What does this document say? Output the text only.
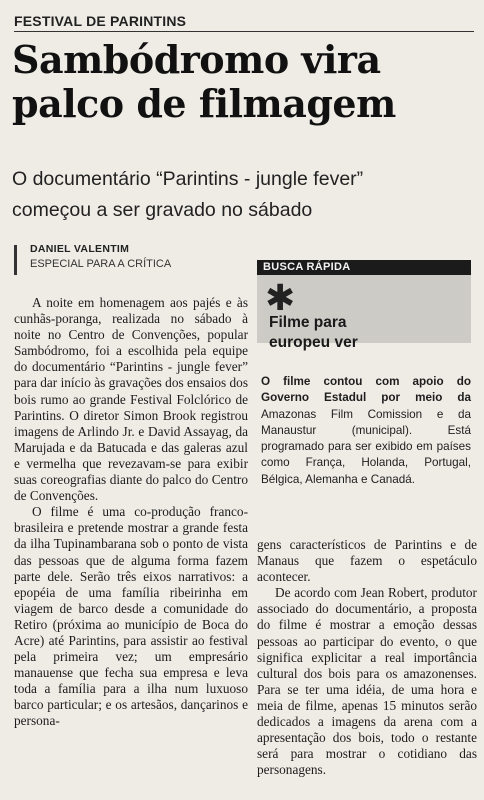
FESTIVAL DE PARINTINS
Sambódromo vira
palco de filmagem
O documentário “Parintins - jungle fever”
começou a ser gravado no sábado
DANIEL VALENTIM
ESPECIAL PARA A CRÍTICA

A noite em homenagem aos pajés e às cunhãs-poranga, realizada no sábado à noite no Centro de Convenções, popular Sambódromo, foi a escolhida pela equipe do documentário “Parintins - jungle fever” para dar início às gravações dos ensaios dos bois rumo ao grande Festival Folclórico de Parintins. O diretor Simon Brook registrou imagens de Arlindo Jr. e David Assayag, da Marujada e da Batucada e das galeras azul e vermelha que revezavam-se para exibir suas coreografias diante do palco do Centro de Convenções.

O filme é uma co-produção franco-brasileira e pretende mostrar a grande festa da ilha Tupinambarana sob o ponto de vista das pessoas que de alguma forma fazem parte dele. Serão três eixos narrativos: a epopéia de uma família ribeirinha em viagem de barco desde a comunidade do Retiro (próxima ao município de Boca do Acre) até Parintins, para assistir ao festival pela primeira vez; um empresário manauense que fecha sua empresa e leva toda a família para a ilha num luxuoso barco particular; e os artesãos, dançarinos e persona-

BUSCA RÁPIDA
✱
Filme para
europeu ver
O filme contou com apoio do Governo Estadul por meio da Amazonas Film Comission e da Manaustur (municipal). Está programado para ser exibido em países como França, Holanda, Portugal, Bélgica, Alemanha e Canadá.

gens característicos de Parintins e de Manaus que fazem o espetáculo acontecer.

De acordo com Jean Robert, produtor associado do documentário, a proposta do filme é mostrar a emoção dessas pessoas ao participar do evento, o que significa explicitar a real importância cultural dos bois para os amazonenses. Para se ter uma idéia, de uma hora e meia de filme, apenas 15 minutos serão dedicados a imagens da arena com a apresentação dos bois, todo o restante será para mostrar o cotidiano das personagens.
